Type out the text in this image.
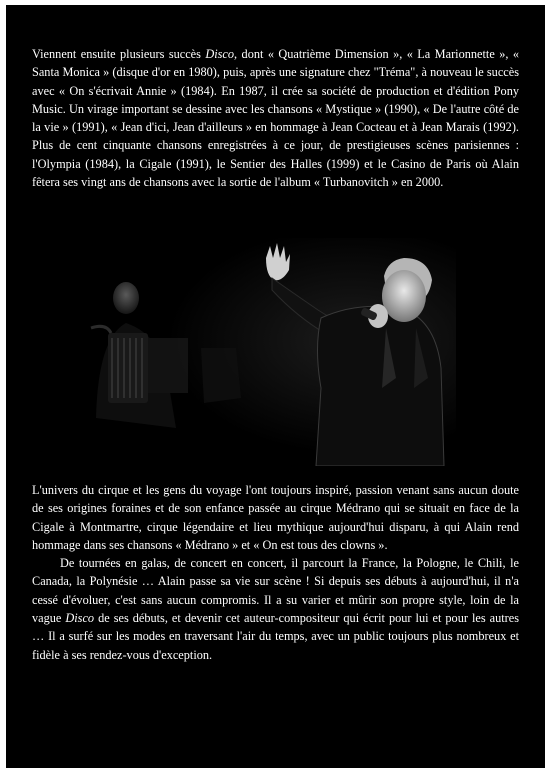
Viennent ensuite plusieurs succès Disco, dont « Quatrième Dimension », « La Marionnette », « Santa Monica » (disque d'or en 1980), puis, après une signature chez "Tréma", à nouveau le succès avec « On s'écrivait Annie » (1984). En 1987, il crée sa société de production et d'édition Pony Music. Un virage important se dessine avec les chansons « Mystique » (1990), « De l'autre côté de la vie » (1991), « Jean d'ici, Jean d'ailleurs » en hommage à Jean Cocteau et à Jean Marais (1992). Plus de cent cinquante chansons enregistrées à ce jour, de prestigieuses scènes parisiennes : l'Olympia (1984), la Cigale (1991), le Sentier des Halles (1999) et le Casino de Paris où Alain fêtera ses vingt ans de chansons avec la sortie de l'album « Turbanovitch » en 2000.

L'univers du cirque et les gens du voyage l'ont toujours inspiré, passion venant sans aucun doute de ses origines foraines et de son enfance passée au cirque Médrano qui se situait en face de la Cigale à Montmartre, cirque légendaire et lieu mythique aujourd'hui disparu, à qui Alain rend hommage dans ses chansons « Médrano » et « On est tous des clowns ».

De tournées en galas, de concert en concert, il parcourt la France, la Pologne, le Chili, le Canada, la Polynésie … Alain passe sa vie sur scène ! Si depuis ses débuts à aujourd'hui, il n'a cessé d'évoluer, c'est sans aucun compromis. Il a su varier et mûrir son propre style, loin de la vague Disco de ses débuts, et devenir cet auteur-compositeur qui écrit pour lui et pour les autres … Il a surfé sur les modes en traversant l'air du temps, avec un public toujours plus nombreux et fidèle à ses rendez-vous d'exception.
